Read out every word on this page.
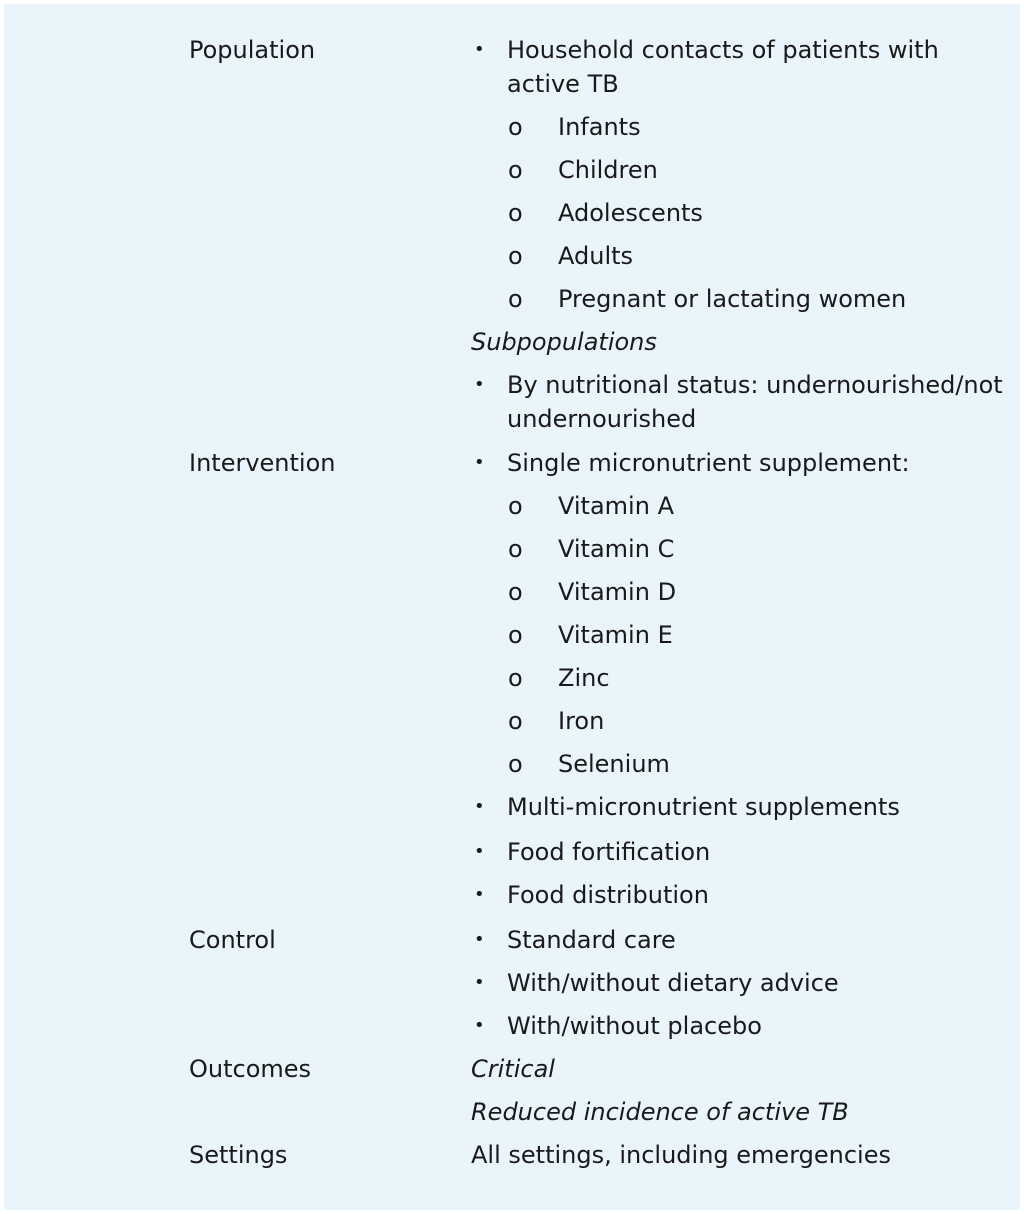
Population	• Household contacts of patients with active TB
o Infants
o Children
o Adolescents
o Adults
o Pregnant or lactating women
Subpopulations
• By nutritional status: undernourished/not undernourished
Intervention	• Single micronutrient supplement:
o Vitamin A
o Vitamin C
o Vitamin D
o Vitamin E
o Zinc
o Iron
o Selenium
• Multi-micronutrient supplements
• Food fortification
• Food distribution
Control	• Standard care
• With/without dietary advice
• With/without placebo
Outcomes	Critical
Reduced incidence of active TB
Settings	All settings, including emergencies
